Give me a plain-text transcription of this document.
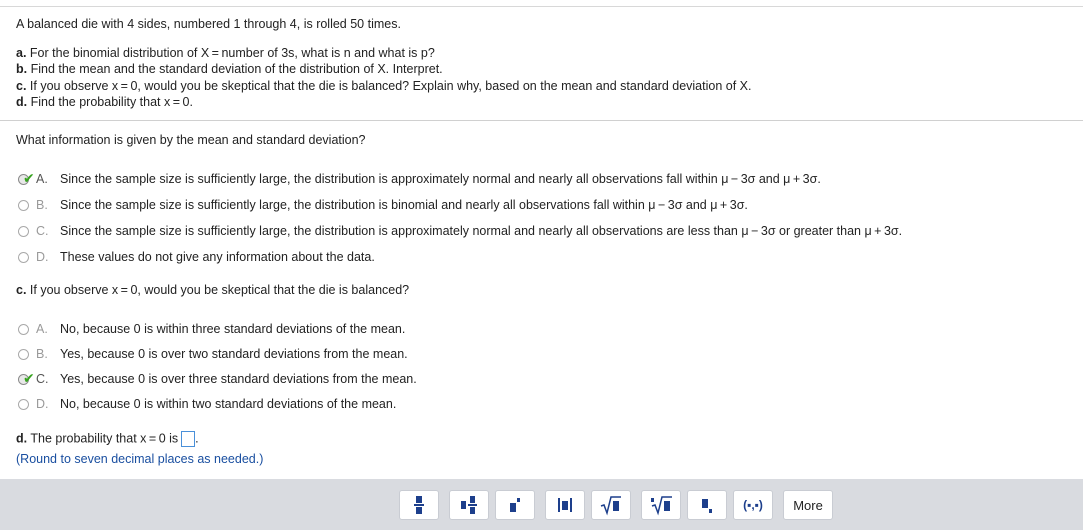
A balanced die with 4 sides, numbered 1 through 4, is rolled 50 times.
a. For the binomial distribution of X = number of 3s, what is n and what is p?
b. Find the mean and the standard deviation of the distribution of X. Interpret.
c. If you observe x = 0, would you be skeptical that the die is balanced? Explain why, based on the mean and standard deviation of X.
d. Find the probability that x = 0.
What information is given by the mean and standard deviation?
✔ A. Since the sample size is sufficiently large, the distribution is approximately normal and nearly all observations fall within μ − 3σ and μ + 3σ.
B. Since the sample size is sufficiently large, the distribution is binomial and nearly all observations fall within μ − 3σ and μ + 3σ.
C. Since the sample size is sufficiently large, the distribution is approximately normal and nearly all observations are less than μ − 3σ or greater than μ + 3σ.
D. These values do not give any information about the data.
c. If you observe x = 0, would you be skeptical that the die is balanced?
A. No, because 0 is within three standard deviations of the mean.
B. Yes, because 0 is over two standard deviations from the mean.
✔ C. Yes, because 0 is over three standard deviations from the mean.
D. No, because 0 is within two standard deviations of the mean.
d. The probability that x = 0 is .
(Round to seven decimal places as needed.)
(▪,▪)	More
